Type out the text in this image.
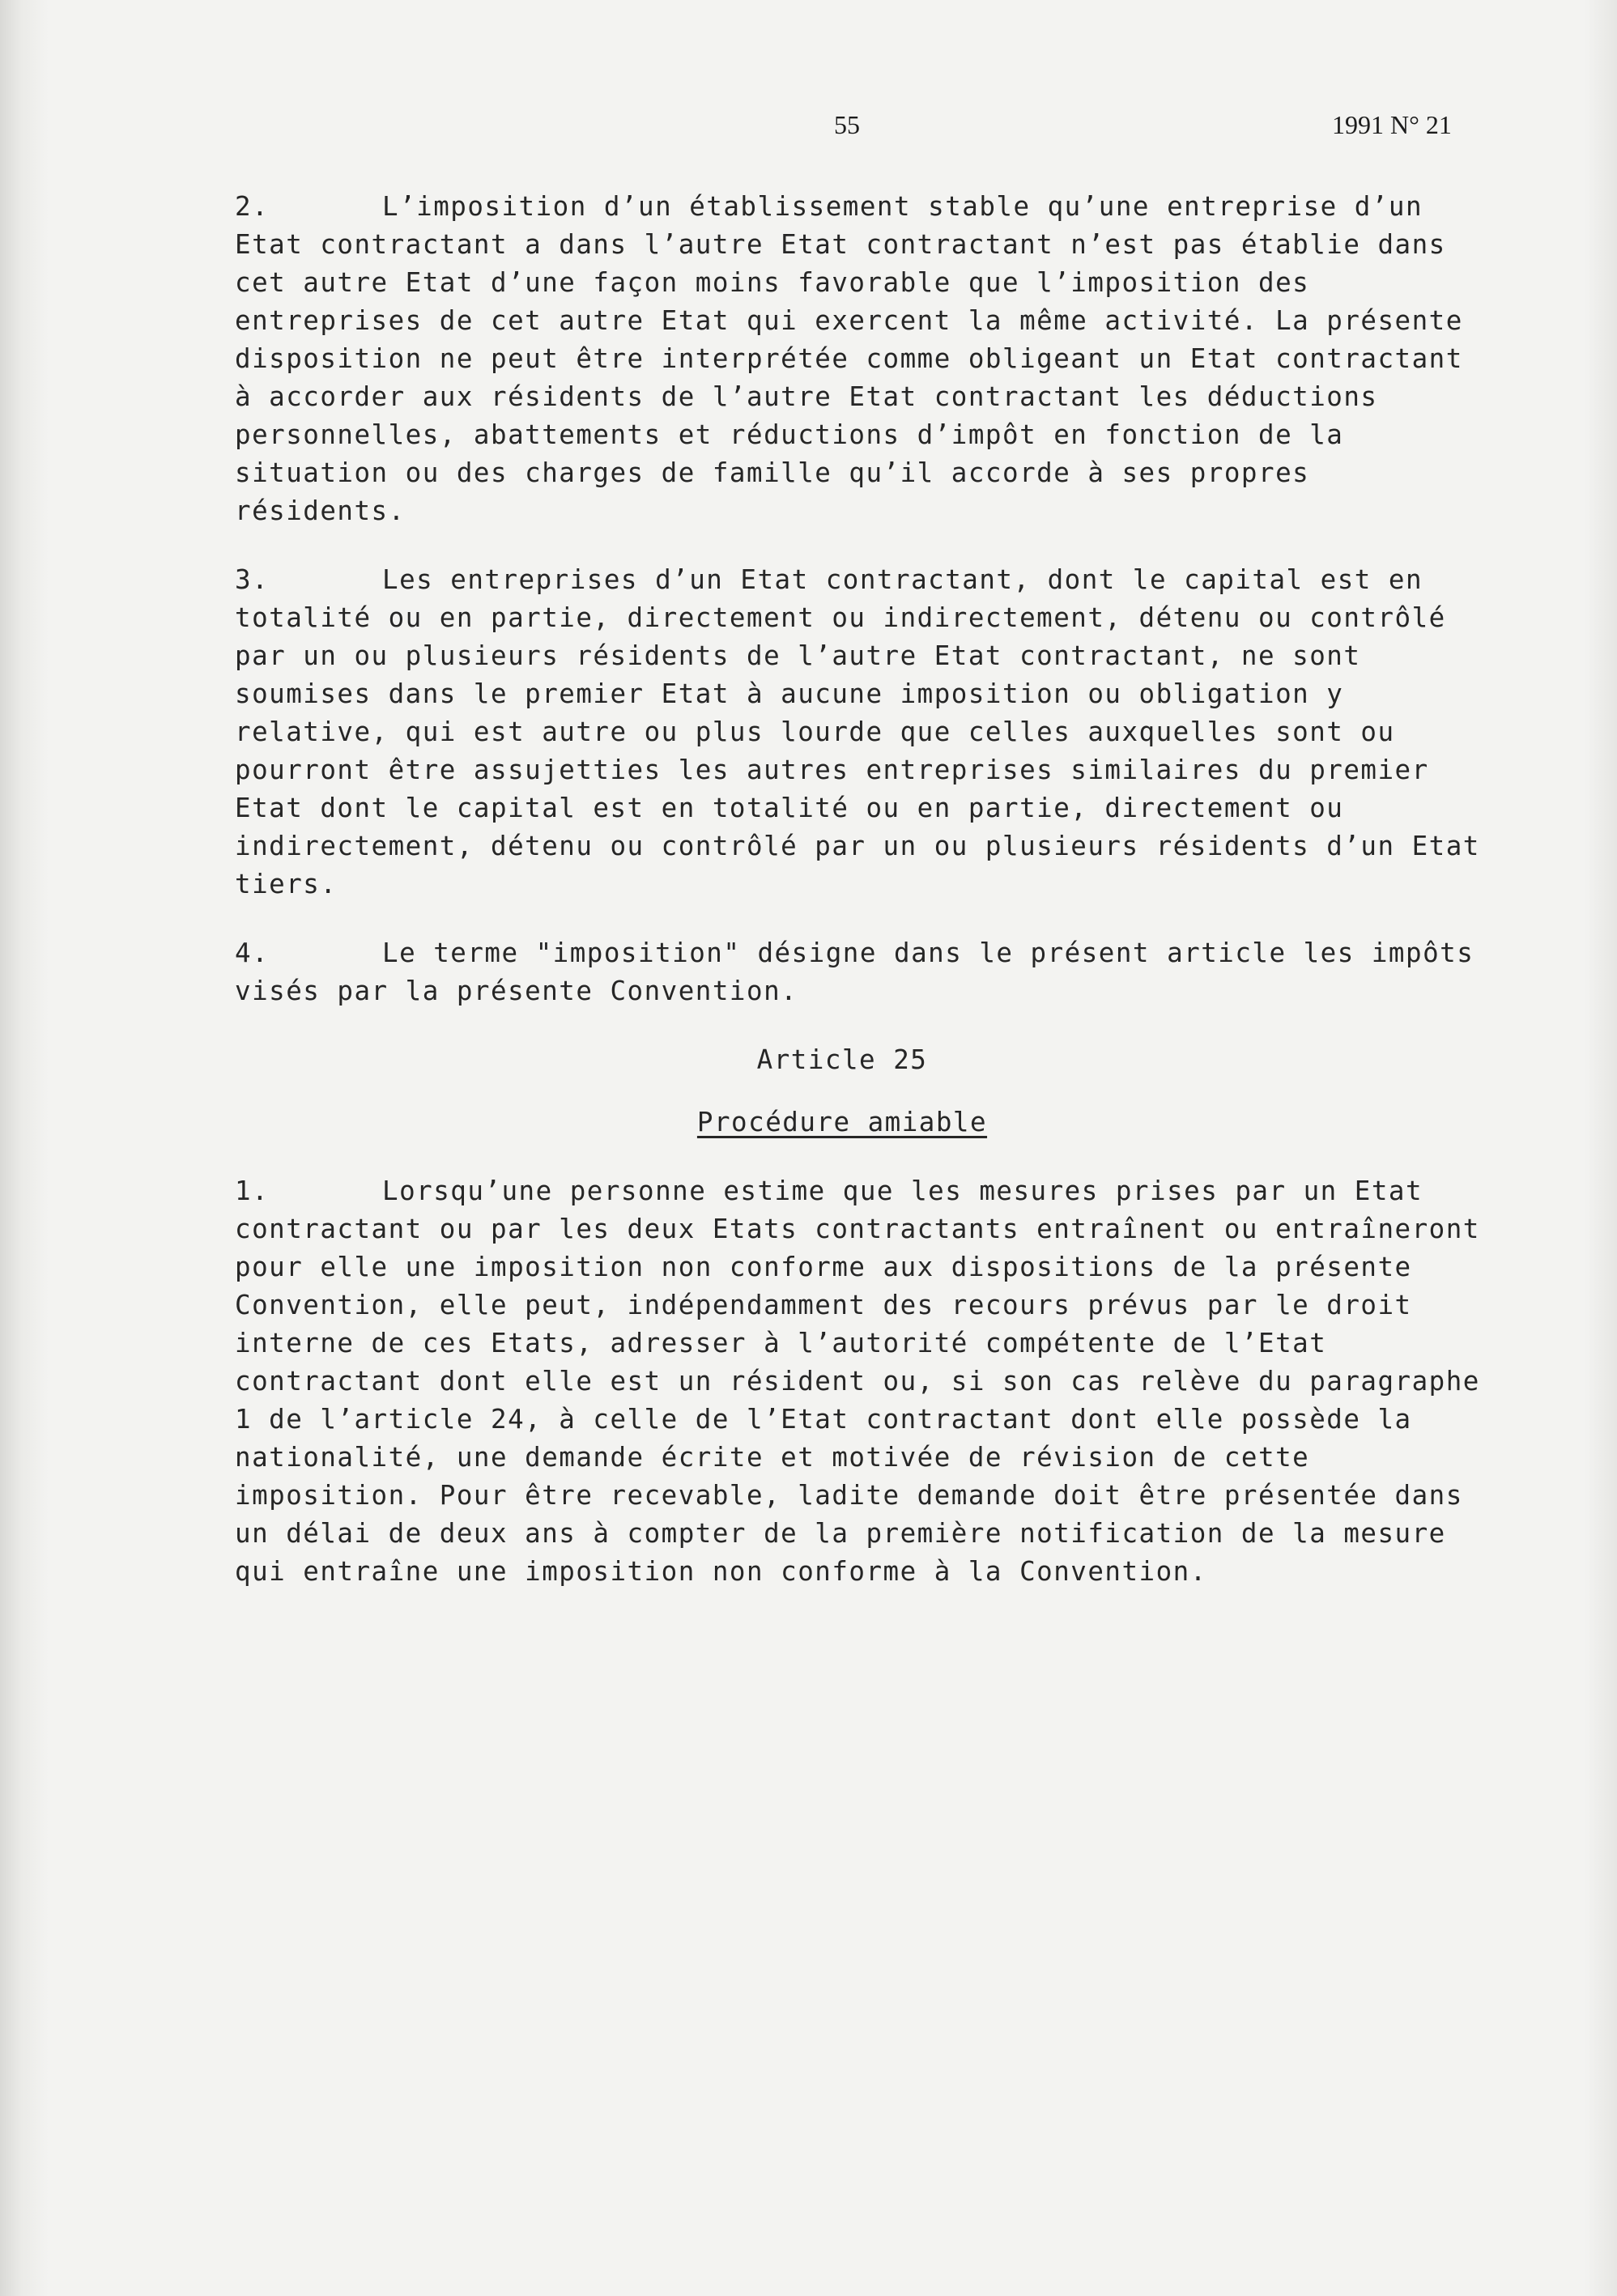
55	1991 N° 21

2.	L’imposition d’un établissement stable qu’une entreprise d’un Etat contractant a dans l’autre Etat contractant n’est pas établie dans cet autre Etat d’une façon moins favorable que l’imposition des entreprises de cet autre Etat qui exercent la même activité. La présente disposition ne peut être interprétée comme obligeant un Etat contractant à accorder aux résidents de l’autre Etat contractant les déductions personnelles, abattements et réductions d’impôt en fonction de la situation ou des charges de famille qu’il accorde à ses propres résidents.

3.	Les entreprises d’un Etat contractant, dont le capital est en totalité ou en partie, directement ou indirectement, détenu ou contrôlé par un ou plusieurs résidents de l’autre Etat contractant, ne sont soumises dans le premier Etat à aucune imposition ou obligation y relative, qui est autre ou plus lourde que celles auxquelles sont ou pourront être assujetties les autres entreprises similaires du premier Etat dont le capital est en totalité ou en partie, directement ou indirectement, détenu ou contrôlé par un ou plusieurs résidents d’un Etat tiers.

4.	Le terme "imposition" désigne dans le présent article les impôts visés par la présente Convention.

Article 25
Procédure amiable

1.	Lorsqu’une personne estime que les mesures prises par un Etat contractant ou par les deux Etats contractants entraînent ou entraîneront pour elle une imposition non conforme aux dispositions de la présente Convention, elle peut, indépendamment des recours prévus par le droit interne de ces Etats, adresser à l’autorité compétente de l’Etat contractant dont elle est un résident ou, si son cas relève du paragraphe 1 de l’article 24, à celle de l’Etat contractant dont elle possède la nationalité, une demande écrite et motivée de révision de cette imposition. Pour être recevable, ladite demande doit être présentée dans un délai de deux ans à compter de la première notification de la mesure qui entraîne une imposition non conforme à la Convention.
